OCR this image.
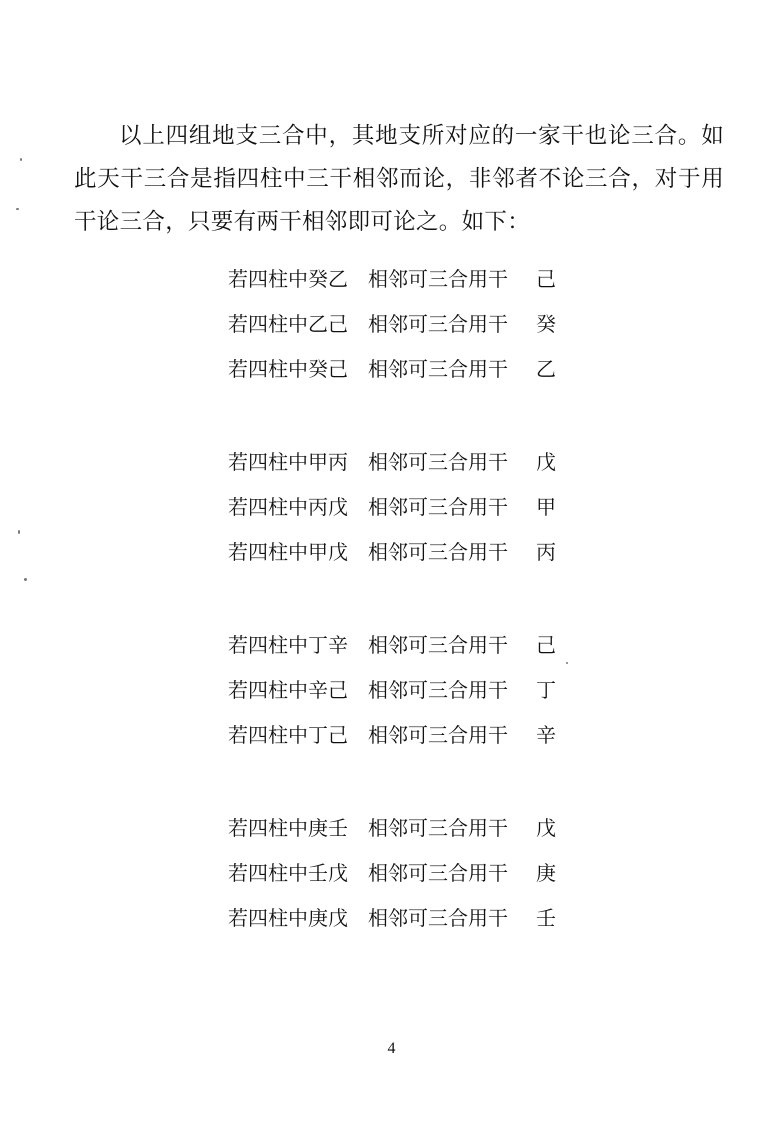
以上四组地支三合中，其地支所对应的一家干也论三合。如此天干三合是指四柱中三干相邻而论，非邻者不论三合，对于用干论三合，只要有两干相邻即可论之。如下：

若四柱中癸乙	相邻可三合用干	己
若四柱中乙己	相邻可三合用干	癸
若四柱中癸己	相邻可三合用干	乙
若四柱中甲丙	相邻可三合用干	戊
若四柱中丙戊	相邻可三合用干	甲
若四柱中甲戊	相邻可三合用干	丙
若四柱中丁辛	相邻可三合用干	己
若四柱中辛己	相邻可三合用干	丁
若四柱中丁己	相邻可三合用干	辛
若四柱中庚壬	相邻可三合用干	戊
若四柱中壬戊	相邻可三合用干	庚
若四柱中庚戊	相邻可三合用干	壬
4
